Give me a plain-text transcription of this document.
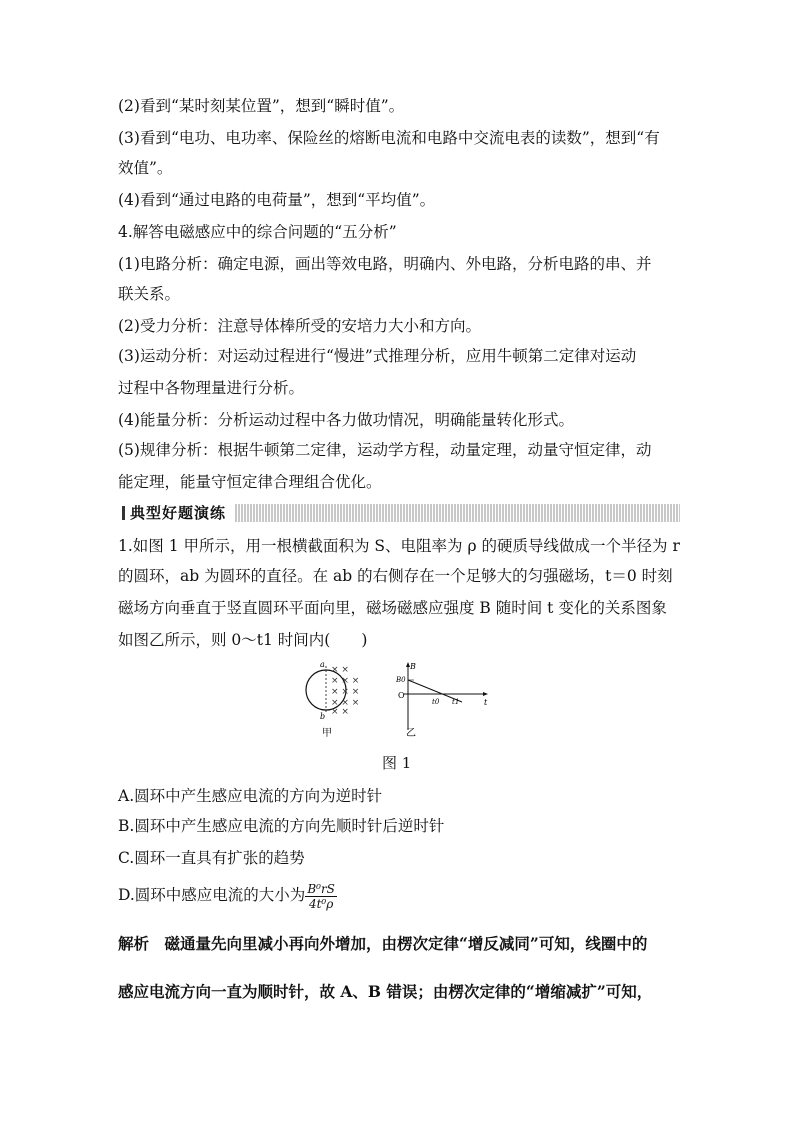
(2)看到“某时刻某位置”，想到“瞬时值”。
(3)看到“电功、电功率、保险丝的熔断电流和电路中交流电表的读数”，想到“有
效值”。
(4)看到“通过电路的电荷量”，想到“平均值”。
4.解答电磁感应中的综合问题的“五分析”
(1)电路分析：确定电源，画出等效电路，明确内、外电路，分析电路的串、并
联关系。
(2)受力分析：注意导体棒所受的安培力大小和方向。
(3)运动分析：对运动过程进行“慢进”式推理分析，应用牛顿第二定律对运动
过程中各物理量进行分析。
(4)能量分析：分析运动过程中各力做功情况，明确能量转化形式。
(5)规律分析：根据牛顿第二定律，运动学方程，动量定理，动量守恒定律，动
能定理，能量守恒定律合理组合优化。
典型好题演练
1.如图 1 甲所示，用一根横截面积为 S、电阻率为 ρ 的硬质导线做成一个半径为 r
的圆环，ab 为圆环的直径。在 ab 的右侧存在一个足够大的匀强磁场，t＝0 时刻
磁场方向垂直于竖直圆环平面向里，磁场磁感应强度 B 随时间 t 变化的关系图象
如图乙所示，则 0～t1 时间内(　　)
× ×
× × ×
× × ×
× × ×
× ×
a
b
甲
B
t
O
B0
t0 t1
乙
图 1
A.圆环中产生感应电流的方向为逆时针
B.圆环中产生感应电流的方向先顺时针后逆时针
C.圆环一直具有扩张的趋势
D.圆环中感应电流的大小为 $\frac{\text{B⁰rS}}{\text{4t⁰ρ}}$
解析　磁通量先向里减小再向外增加，由楞次定律“增反减同”可知，线圈中的
感应电流方向一直为顺时针，故 A、B 错误；由楞次定律的“增缩减扩”可知，
